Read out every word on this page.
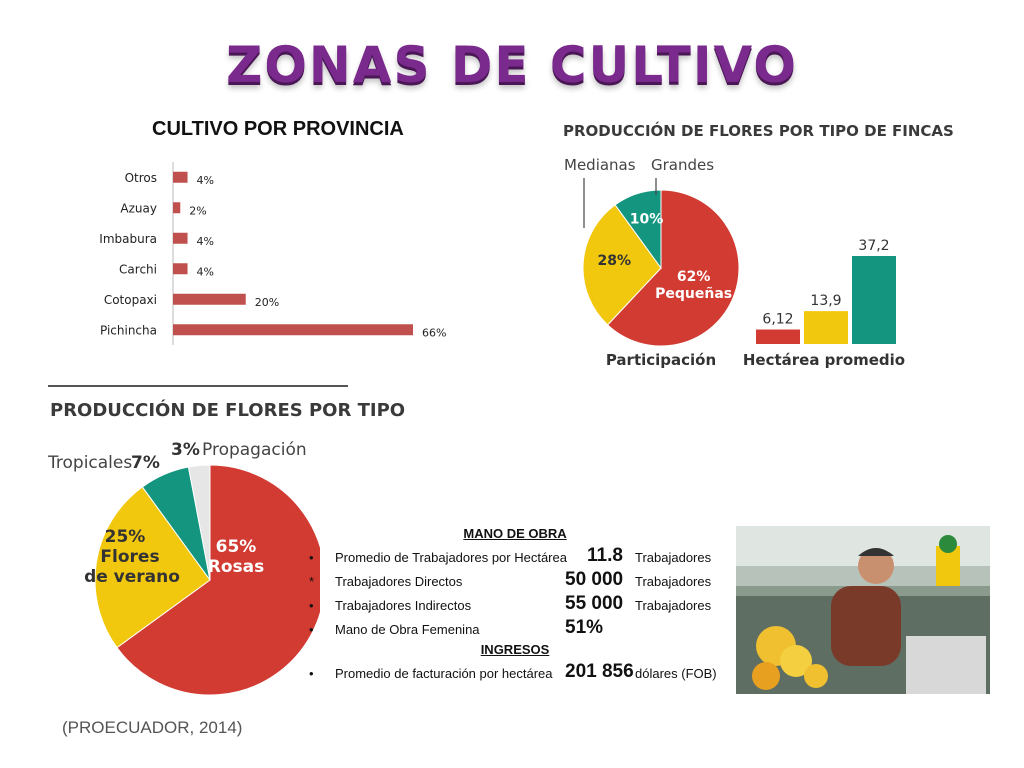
ZONAS DE CULTIVO
CULTIVO POR PROVINCIA
Otros	4%
Azuay	2%
Imbabura	4%
Carchi	4%
Cotopaxi	20%
Pichincha	66%
PRODUCCIÓN DE FLORES POR TIPO DE FINCAS
62%
Pequeñas
28%
10%
Medianas Grandes
Participación
6,12
13,9
37,2
Hectárea promedio
PRODUCCIÓN DE FLORES POR TIPO
65%
Rosas
25%
Flores
de verano
Tropicales
7%
3% Propagación
MANO DE OBRA
• Promedio de Trabajadores por Hectárea 11.8 Trabajadores
* Trabajadores Directos	50 000 Trabajadores
• Trabajadores Indirectos	55 000 Trabajadores
• Mano de Obra Femenina	51%
INGRESOS
• Promedio de facturación por hectárea 201 856 dólares (FOB)
(PROECUADOR, 2014)
